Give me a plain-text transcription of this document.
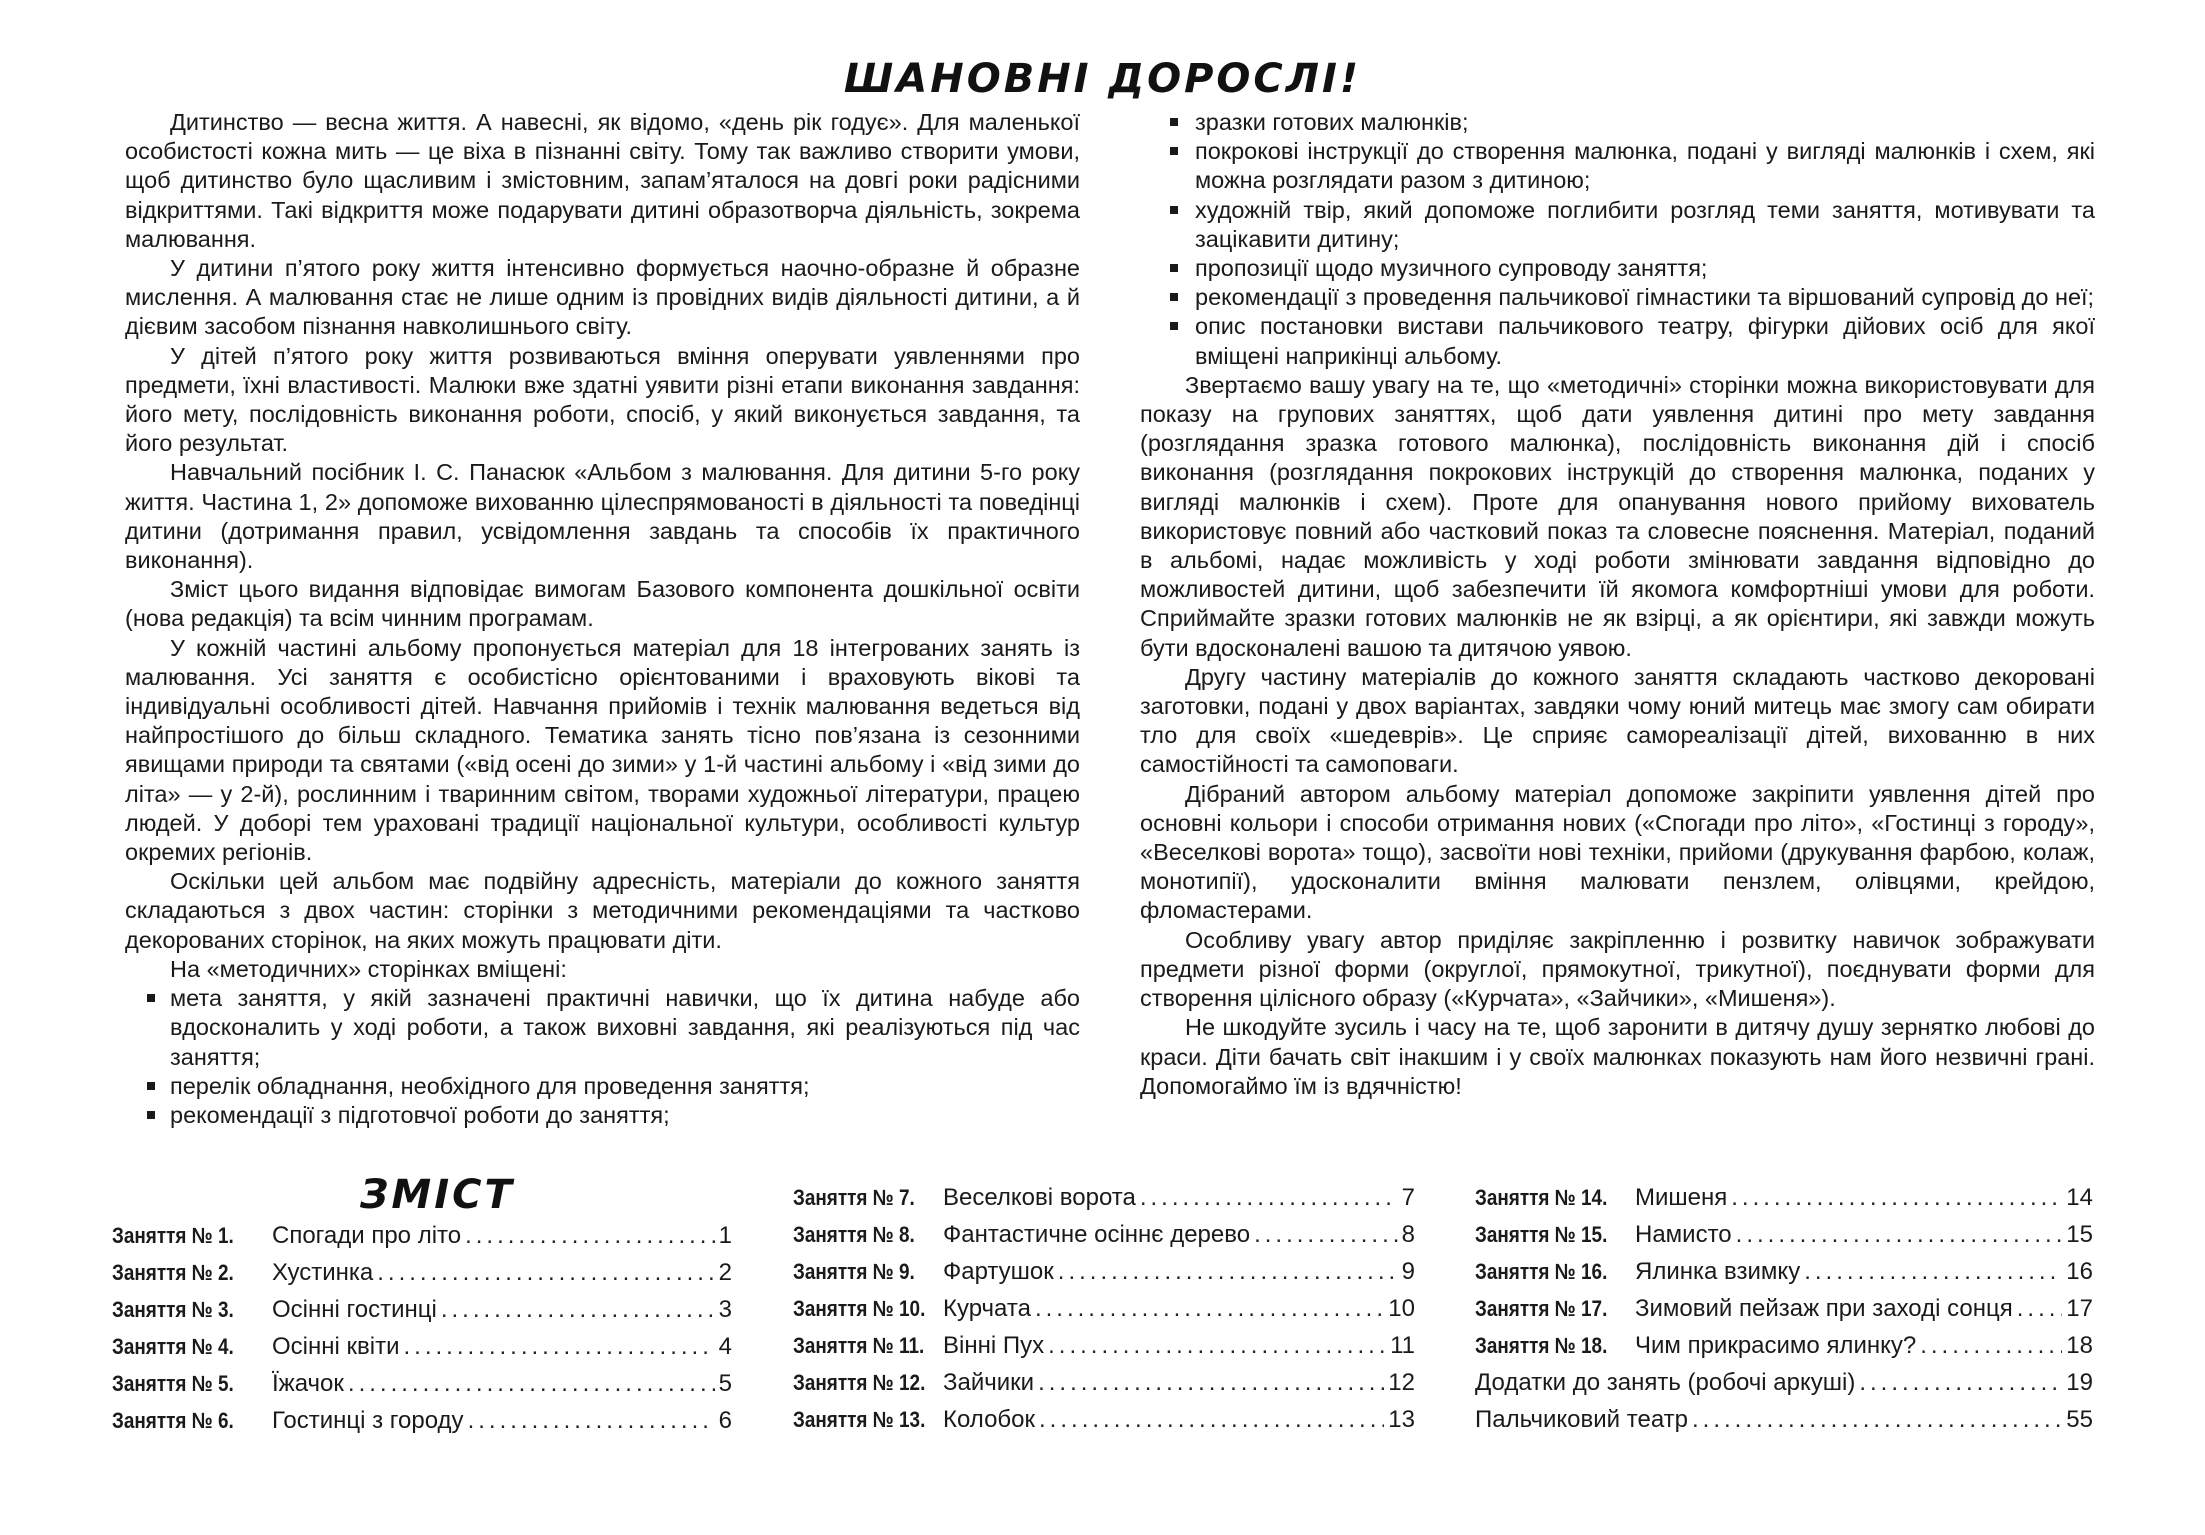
ШАНОВНІ ДОРОСЛІ!

Дитинство — весна життя. А навесні, як відомо, «день рік годує». Для маленької особистості кожна мить — це віха в пізнанні світу. Тому так важливо створити умови, щоб дитинство було щасливим і змістовним, запам’яталося на довгі роки радісними відкриттями. Такі відкриття може подарувати дитині образотворча діяльність, зокрема малювання.

У дитини п’ятого року життя інтенсивно формується наочно-образне й образне мислення. А малювання стає не лише одним із провідних видів діяльності дитини, а й дієвим засобом пізнання навколишнього світу.

У дітей п’ятого року життя розвиваються вміння оперувати уявленнями про предмети, їхні властивості. Малюки вже здатні уявити різні етапи виконання завдання: його мету, послідовність виконання роботи, спосіб, у який виконується завдання, та його результат.

Навчальний посібник І. С. Панасюк «Альбом з малювання. Для дитини 5-го року життя. Частина 1, 2» допоможе вихованню цілеспрямованості в діяльності та поведінці дитини (дотримання правил, усвідомлення завдань та способів їх практичного виконання).

Зміст цього видання відповідає вимогам Базового компонента дошкільної освіти (нова редакція) та всім чинним програмам.

У кожній частині альбому пропонується матеріал для 18 інтегрованих занять із малювання. Усі заняття є особистісно орієнтованими і враховують вікові та індивідуальні особливості дітей. Навчання прийомів і технік малювання ведеться від найпростішого до більш складного. Тематика занять тісно пов’язана із сезонними явищами природи та святами («від осені до зими» у 1-й частині альбому і «від зими до літа» — у 2-й), рослинним і тваринним світом, творами художньої літератури, працею людей. У доборі тем ураховані традиції національної культури, особливості культур окремих регіонів.

Оскільки цей альбом має подвійну адресність, матеріали до кожного заняття складаються з двох частин: сторінки з методичними рекомендаціями та частково декорованих сторінок, на яких можуть працювати діти.

На «методичних» сторінках вміщені:

мета заняття, у якій зазначені практичні навички, що їх дитина набуде або вдосконалить у ході роботи, а також виховні завдання, які реалізуються під час заняття;
перелік обладнання, необхідного для проведення заняття;
рекомендації з підготовчої роботи до заняття;
зразки готових малюнків;
покрокові інструкції до створення малюнка, подані у вигляді малюнків і схем, які можна розглядати разом з дитиною;
художній твір, який допоможе поглибити розгляд теми заняття, мотивувати та зацікавити дитину;
пропозиції щодо музичного супроводу заняття;
рекомендації з проведення пальчикової гімнастики та віршований супровід до неї;
опис постановки вистави пальчикового театру, фігурки дійових осіб для якої вміщені наприкінці альбому.

Звертаємо вашу увагу на те, що «методичні» сторінки можна використовувати для показу на групових заняттях, щоб дати уявлення дитині про мету завдання (розглядання зразка готового малюнка), послідовність виконання дій і спосіб виконання (розглядання покрокових інструкцій до створення малюнка, поданих у вигляді малюнків і схем). Проте для опанування нового прийому вихователь використовує повний або частковий показ та словесне пояснення. Матеріал, поданий в альбомі, надає можливість у ході роботи змінювати завдання відповідно до можливостей дитини, щоб забезпечити їй якомога комфортніші умови для роботи. Сприймайте зразки готових малюнків не як взірці, а як орієнтири, які завжди можуть бути вдосконалені вашою та дитячою уявою.

Другу частину матеріалів до кожного заняття складають частково декоровані заготовки, подані у двох варіантах, завдяки чому юний митець має змогу сам обирати тло для своїх «шедеврів». Це сприяє самореалізації дітей, вихованню в них самостійності та самоповаги.

Дібраний автором альбому матеріал допоможе закріпити уявлення дітей про основні кольори і способи отримання нових («Спогади про літо», «Гостинці з городу», «Веселкові ворота» тощо), засвоїти нові техніки, прийоми (друкування фарбою, колаж, монотипії), удосконалити вміння малювати пензлем, олівцями, крейдою, фломастерами.

Особливу увагу автор приділяє закріпленню і розвитку навичок зображувати предмети різної форми (округлої, прямокутної, трикутної), поєднувати форми для створення цілісного образу («Курчата», «Зайчики», «Мишеня»).

Не шкодуйте зусиль і часу на те, щоб заронити в дитячу душу зернятко любові до краси. Діти бачать світ інакшим і у своїх малюнках показують нам його незвичні грані. Допомогаймо їм із вдячністю!

ЗМІСТ
Заняття № 1.	Спогади про літо .....	1
Заняття № 2.	Хустинка .....	2
Заняття № 3.	Осінні гостинці .....	3
Заняття № 4.	Осінні квіти .....	4
Заняття № 5.	Їжачок .....	5
Заняття № 6.	Гостинці з городу .....	6
Заняття № 7.	Веселкові ворота .....	7
Заняття № 8.	Фантастичне осіннє дерево .....	8
Заняття № 9.	Фартушок .....	9
Заняття № 10. Курчата .....	10
Заняття № 11. Вінні Пух .....	11
Заняття № 12. Зайчики .....	12
Заняття № 13. Колобок .....	13
Заняття № 14. Мишеня .....	14
Заняття № 15. Намисто .....	15
Заняття № 16. Ялинка взимку .....	16
Заняття № 17. Зимовий пейзаж при заході сонця ..... 17
Заняття № 18. Чим прикрасимо ялинку? .....	18
Додатки до занять (робочі аркуші) .....	19
Пальчиковий театр .....	55
